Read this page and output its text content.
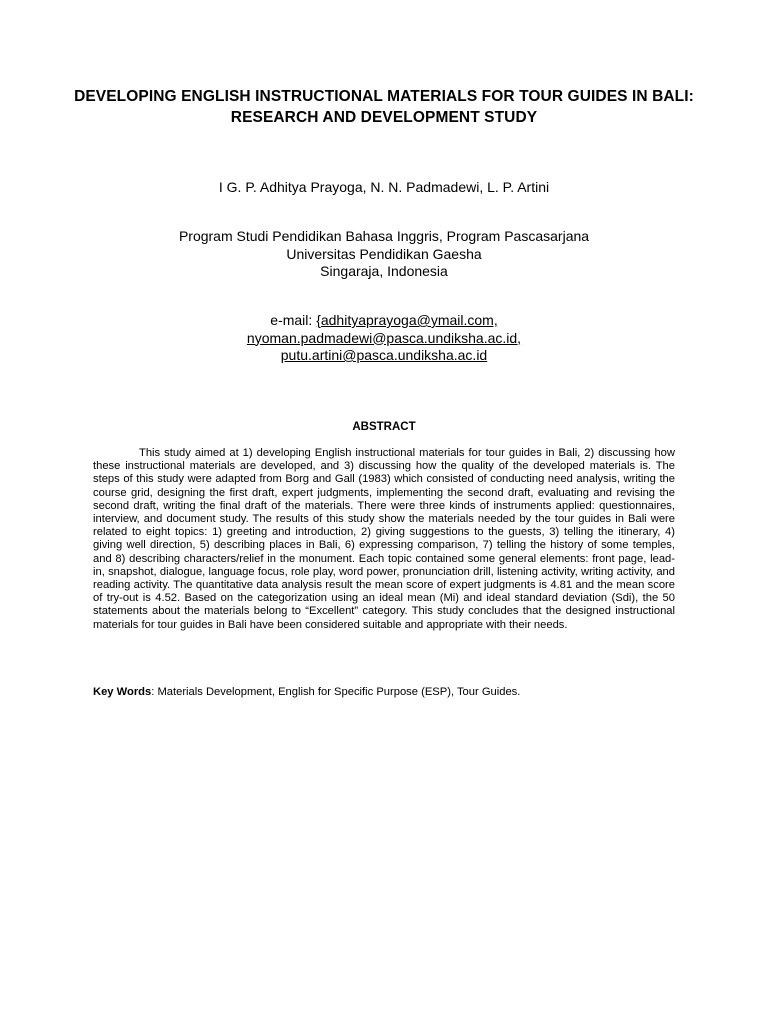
DEVELOPING ENGLISH INSTRUCTIONAL MATERIALS FOR TOUR GUIDES IN BALI: RESEARCH AND DEVELOPMENT STUDY
I G. P. Adhitya Prayoga, N. N. Padmadewi, L. P. Artini
Program Studi Pendidikan Bahasa Inggris, Program Pascasarjana
Universitas Pendidikan Gaesha
Singaraja, Indonesia
e-mail: {adhityaprayoga@ymail.com,
nyoman.padmadewi@pasca.undiksha.ac.id,
putu.artini@pasca.undiksha.ac.id
ABSTRACT
This study aimed at 1) developing English instructional materials for tour guides in Bali, 2) discussing how these instructional materials are developed, and 3) discussing how the quality of the developed materials is. The steps of this study were adapted from Borg and Gall (1983) which consisted of conducting need analysis, writing the course grid, designing the first draft, expert judgments, implementing the second draft, evaluating and revising the second draft, writing the final draft of the materials. There were three kinds of instruments applied: questionnaires, interview, and document study. The results of this study show the materials needed by the tour guides in Bali were related to eight topics: 1) greeting and introduction, 2) giving suggestions to the guests, 3) telling the itinerary, 4) giving well direction, 5) describing places in Bali, 6) expressing comparison, 7) telling the history of some temples, and 8) describing characters/relief in the monument. Each topic contained some general elements: front page, lead-in, snapshot, dialogue, language focus, role play, word power, pronunciation drill, listening activity, writing activity, and reading activity. The quantitative data analysis result the mean score of expert judgments is 4.81 and the mean score of try-out is 4.52. Based on the categorization using an ideal mean (Mi) and ideal standard deviation (Sdi), the 50 statements about the materials belong to “Excellent” category. This study concludes that the designed instructional materials for tour guides in Bali have been considered suitable and appropriate with their needs.
Key Words: Materials Development, English for Specific Purpose (ESP), Tour Guides.
